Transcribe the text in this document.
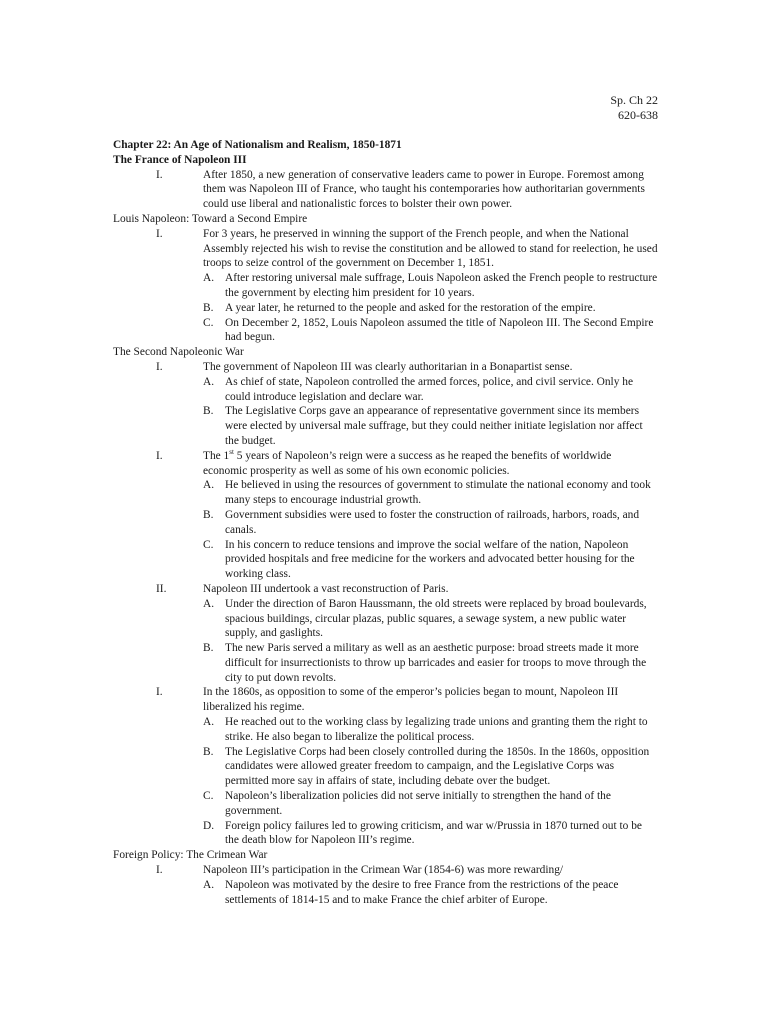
Sp. Ch 22
620-638
Chapter 22: An Age of Nationalism and Realism, 1850-1871
The France of Napoleon III
I.	After 1850, a new generation of conservative leaders came to power in Europe. Foremost among them was Napoleon III of France, who taught his contemporaries how authoritarian governments could use liberal and nationalistic forces to bolster their own power.
Louis Napoleon: Toward a Second Empire
I.	For 3 years, he preserved in winning the support of the French people, and when the National Assembly rejected his wish to revise the constitution and be allowed to stand for reelection, he used troops to seize control of the government on December 1, 1851.
A. After restoring universal male suffrage, Louis Napoleon asked the French people to restructure the government by electing him president for 10 years.
B. A year later, he returned to the people and asked for the restoration of the empire.
C. On December 2, 1852, Louis Napoleon assumed the title of Napoleon III. The Second Empire had begun.
The Second Napoleonic War
I.	The government of Napoleon III was clearly authoritarian in a Bonapartist sense.
A. As chief of state, Napoleon controlled the armed forces, police, and civil service. Only he could introduce legislation and declare war.
B. The Legislative Corps gave an appearance of representative government since its members were elected by universal male suffrage, but they could neither initiate legislation nor affect the budget.
I.	The 1st 5 years of Napoleon’s reign were a success as he reaped the benefits of worldwide economic prosperity as well as some of his own economic policies.
A. He believed in using the resources of government to stimulate the national economy and took many steps to encourage industrial growth.
B. Government subsidies were used to foster the construction of railroads, harbors, roads, and canals.
C. In his concern to reduce tensions and improve the social welfare of the nation, Napoleon provided hospitals and free medicine for the workers and advocated better housing for the working class.
II.	Napoleon III undertook a vast reconstruction of Paris.
A. Under the direction of Baron Haussmann, the old streets were replaced by broad boulevards, spacious buildings, circular plazas, public squares, a sewage system, a new public water supply, and gaslights.
B. The new Paris served a military as well as an aesthetic purpose: broad streets made it more difficult for insurrectionists to throw up barricades and easier for troops to move through the city to put down revolts.
I.	In the 1860s, as opposition to some of the emperor’s policies began to mount, Napoleon III liberalized his regime.
A. He reached out to the working class by legalizing trade unions and granting them the right to strike. He also began to liberalize the political process.
B. The Legislative Corps had been closely controlled during the 1850s. In the 1860s, opposition candidates were allowed greater freedom to campaign, and the Legislative Corps was permitted more say in affairs of state, including debate over the budget.
C. Napoleon’s liberalization policies did not serve initially to strengthen the hand of the government.
D. Foreign policy failures led to growing criticism, and war w/Prussia in 1870 turned out to be the death blow for Napoleon III’s regime.
Foreign Policy: The Crimean War
I.	Napoleon III’s participation in the Crimean War (1854-6) was more rewarding/
A. Napoleon was motivated by the desire to free France from the restrictions of the peace settlements of 1814-15 and to make France the chief arbiter of Europe.
